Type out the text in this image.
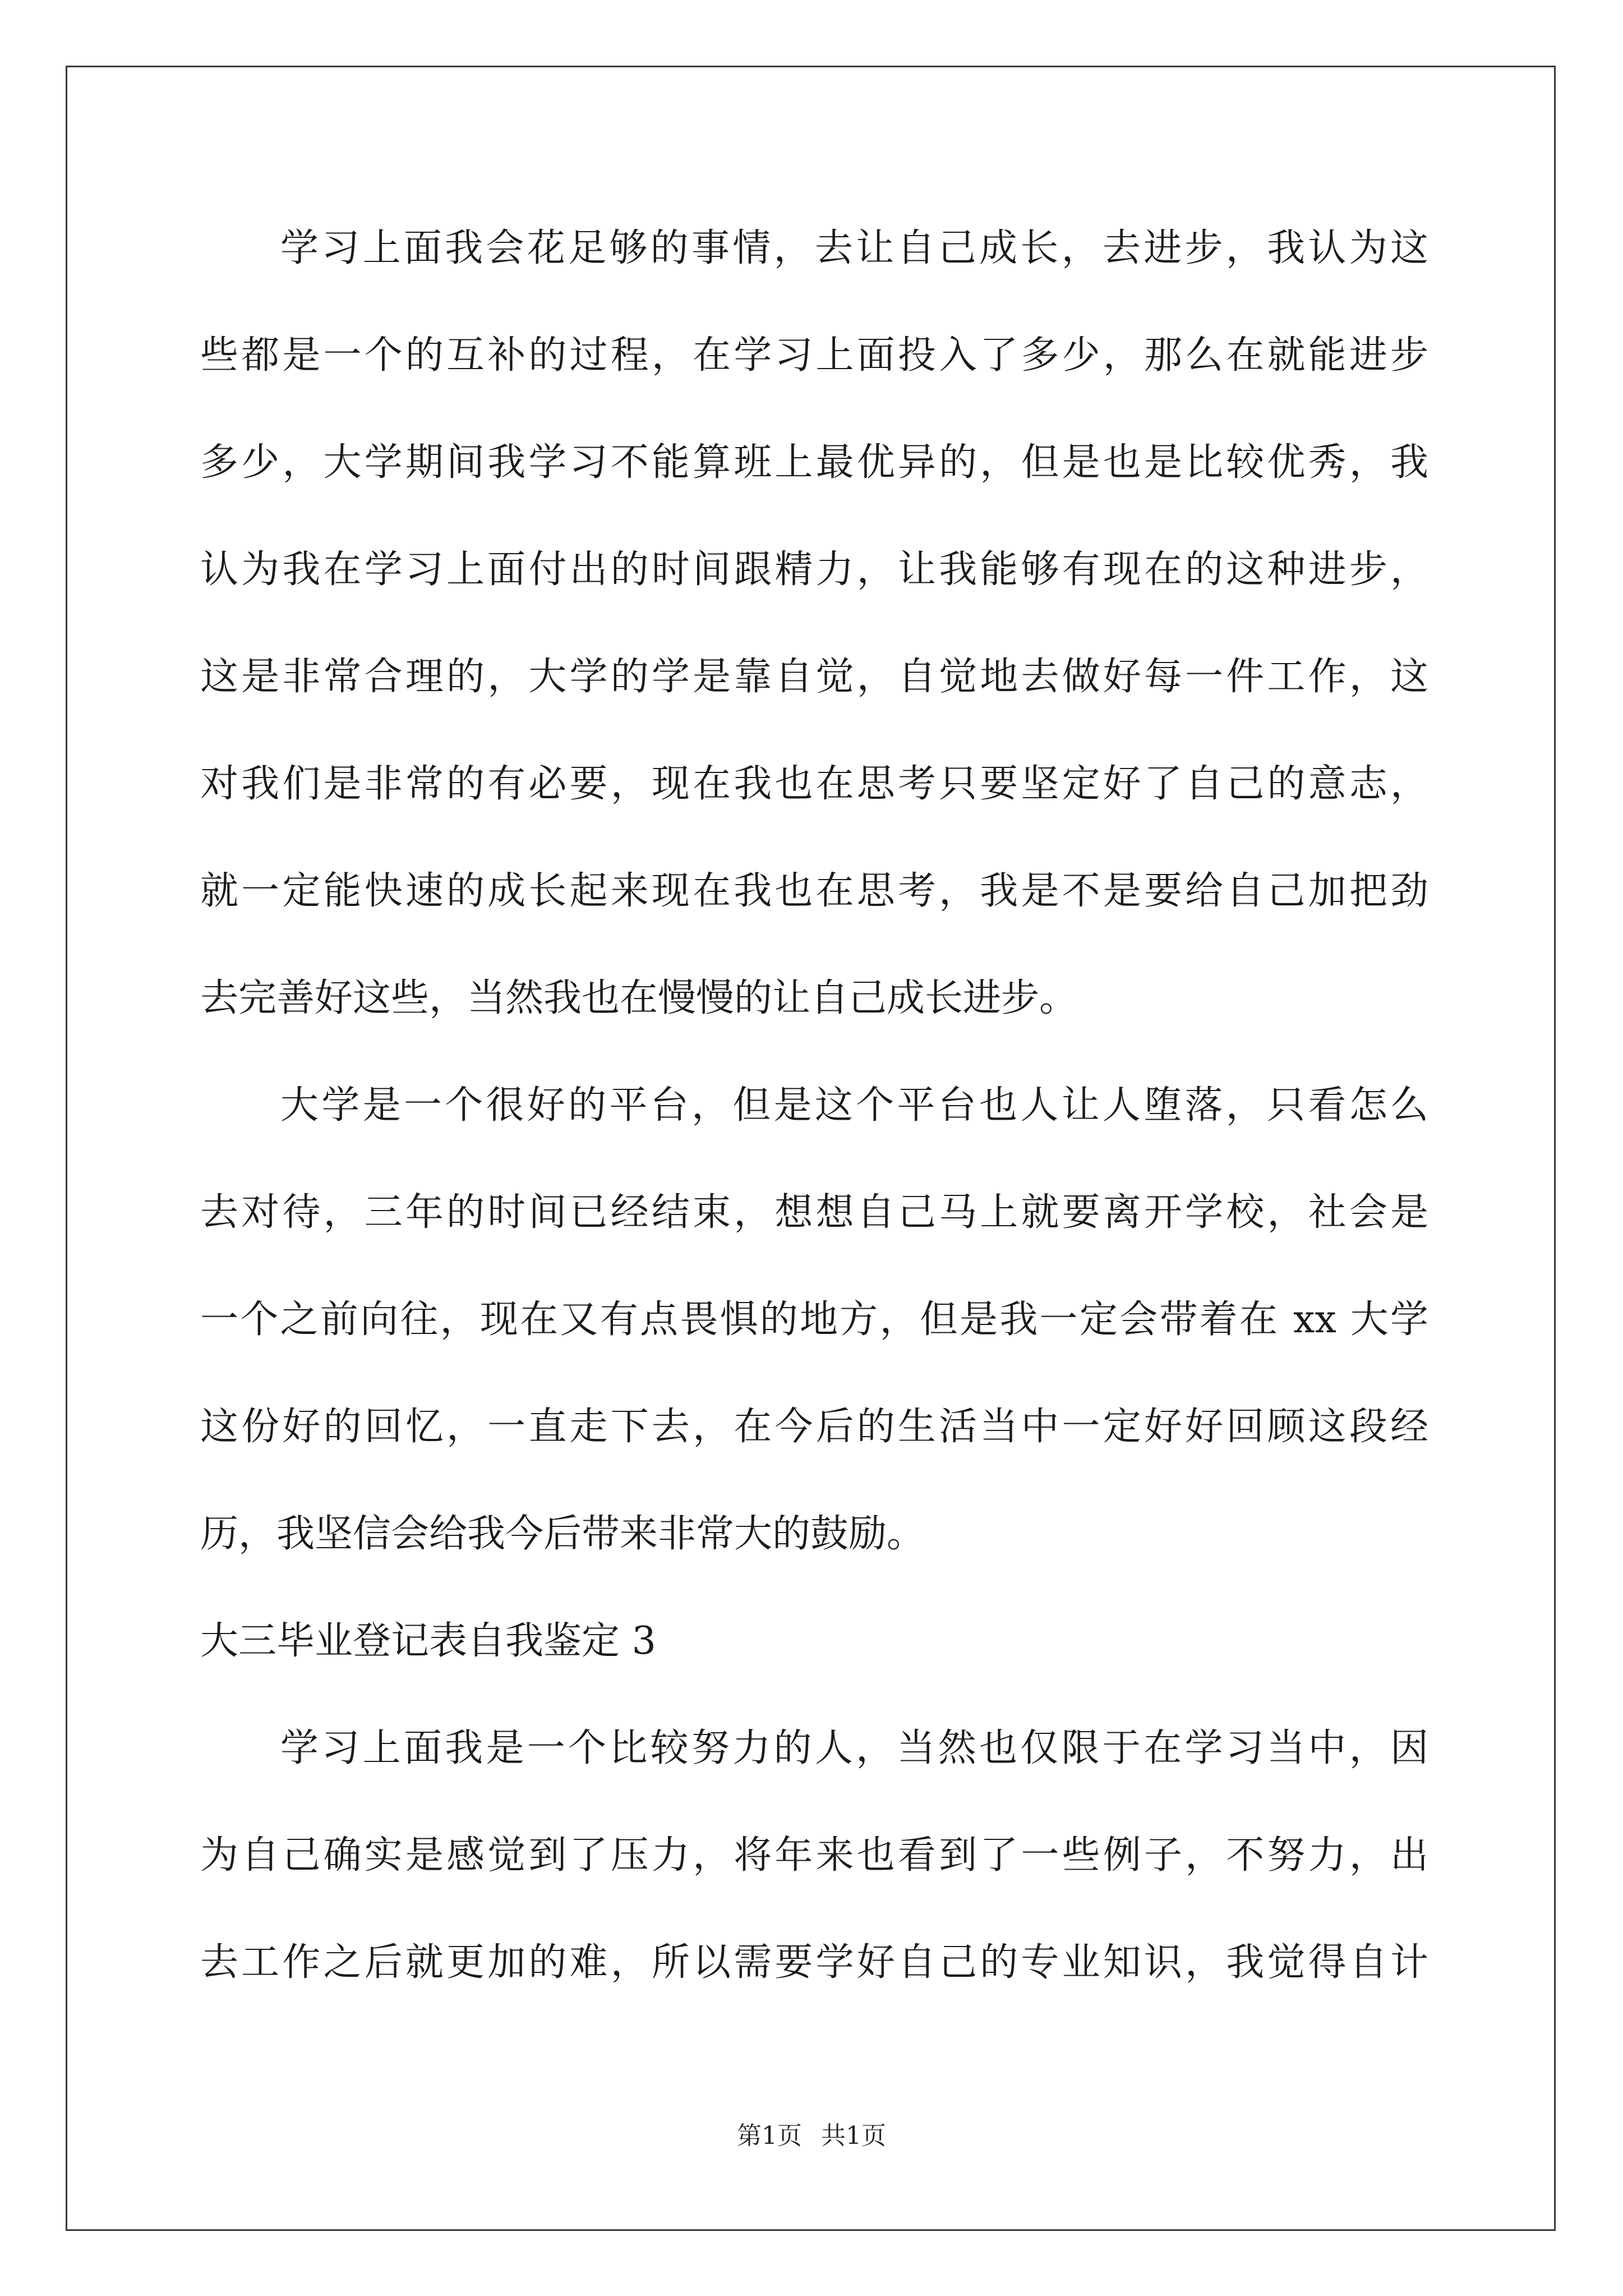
学习上面我会花足够的事情，去让自己成长，去进步，我认为这

些都是一个的互补的过程，在学习上面投入了多少，那么在就能进步

多少，大学期间我学习不能算班上最优异的，但是也是比较优秀，我

认为我在学习上面付出的时间跟精力，让我能够有现在的这种进步，

这是非常合理的，大学的学是靠自觉，自觉地去做好每一件工作，这

对我们是非常的有必要，现在我也在思考只要坚定好了自己的意志，

就一定能快速的成长起来现在我也在思考，我是不是要给自己加把劲

去完善好这些，当然我也在慢慢的让自己成长进步。

大学是一个很好的平台，但是这个平台也人让人堕落，只看怎么

去对待，三年的时间已经结束，想想自己马上就要离开学校，社会是

一个之前向往，现在又有点畏惧的地方，但是我一定会带着在 xx 大学

这份好的回忆，一直走下去，在今后的生活当中一定好好回顾这段经

历，我坚信会给我今后带来非常大的鼓励。

大三毕业登记表自我鉴定 3

学习上面我是一个比较努力的人，当然也仅限于在学习当中，因

为自己确实是感觉到了压力，将年来也看到了一些例子，不努力，出

去工作之后就更加的难，所以需要学好自己的专业知识，我觉得自计

第1页 共1页
